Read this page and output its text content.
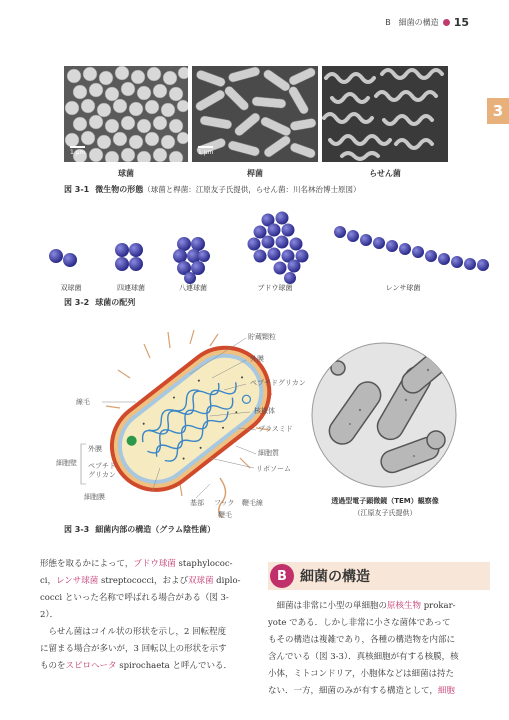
B　細菌の構造 15
3
1 μm	1 μm
球菌	桿菌	らせん菌
図 3-1 微生物の形態（球菌と桿菌：江原友子氏提供，らせん菌：川名林治博士原図）
双球菌	四連球菌	八連球菌	ブドウ球菌	レンサ球菌
図 3-2 球菌の配列
貯蔵顆粒
外膜
ペプチドグリカン
核様体
プラスミド
細胞質
リボソーム
線毛
細胞壁
外膜
ペプチド
グリカン
細胞膜
基部 フック 鞭毛線
鞭毛
透過型電子顕微鏡（TEM）観察像
（江原友子氏提供）
図 3-3 細菌内部の構造（グラム陰性菌）
形態を取るかによって，ブドウ球菌 staphylococ-
ci，レンサ球菌 streptococci，および双球菌 diplo-
cocci といった名称で呼ばれる場合がある（図 3-
2）．
　らせん菌はコイル状の形状を示し，2 回転程度
に留まる場合が多いが，3 回転以上の形状を示す
ものをスピロヘータ spirochaeta と呼んでいる．
B 細菌の構造
　細菌は非常に小型の単細胞の原核生物 prokar-
yote である．しかし非常に小さな菌体であって
もその構造は複雑であり，各種の構造物を内部に
含んでいる（図 3-3）．真核細胞が有する核膜，核
小体，ミトコンドリア，小胞体などは細菌は持た
ない．一方，細菌のみが有する構造として，細胞
